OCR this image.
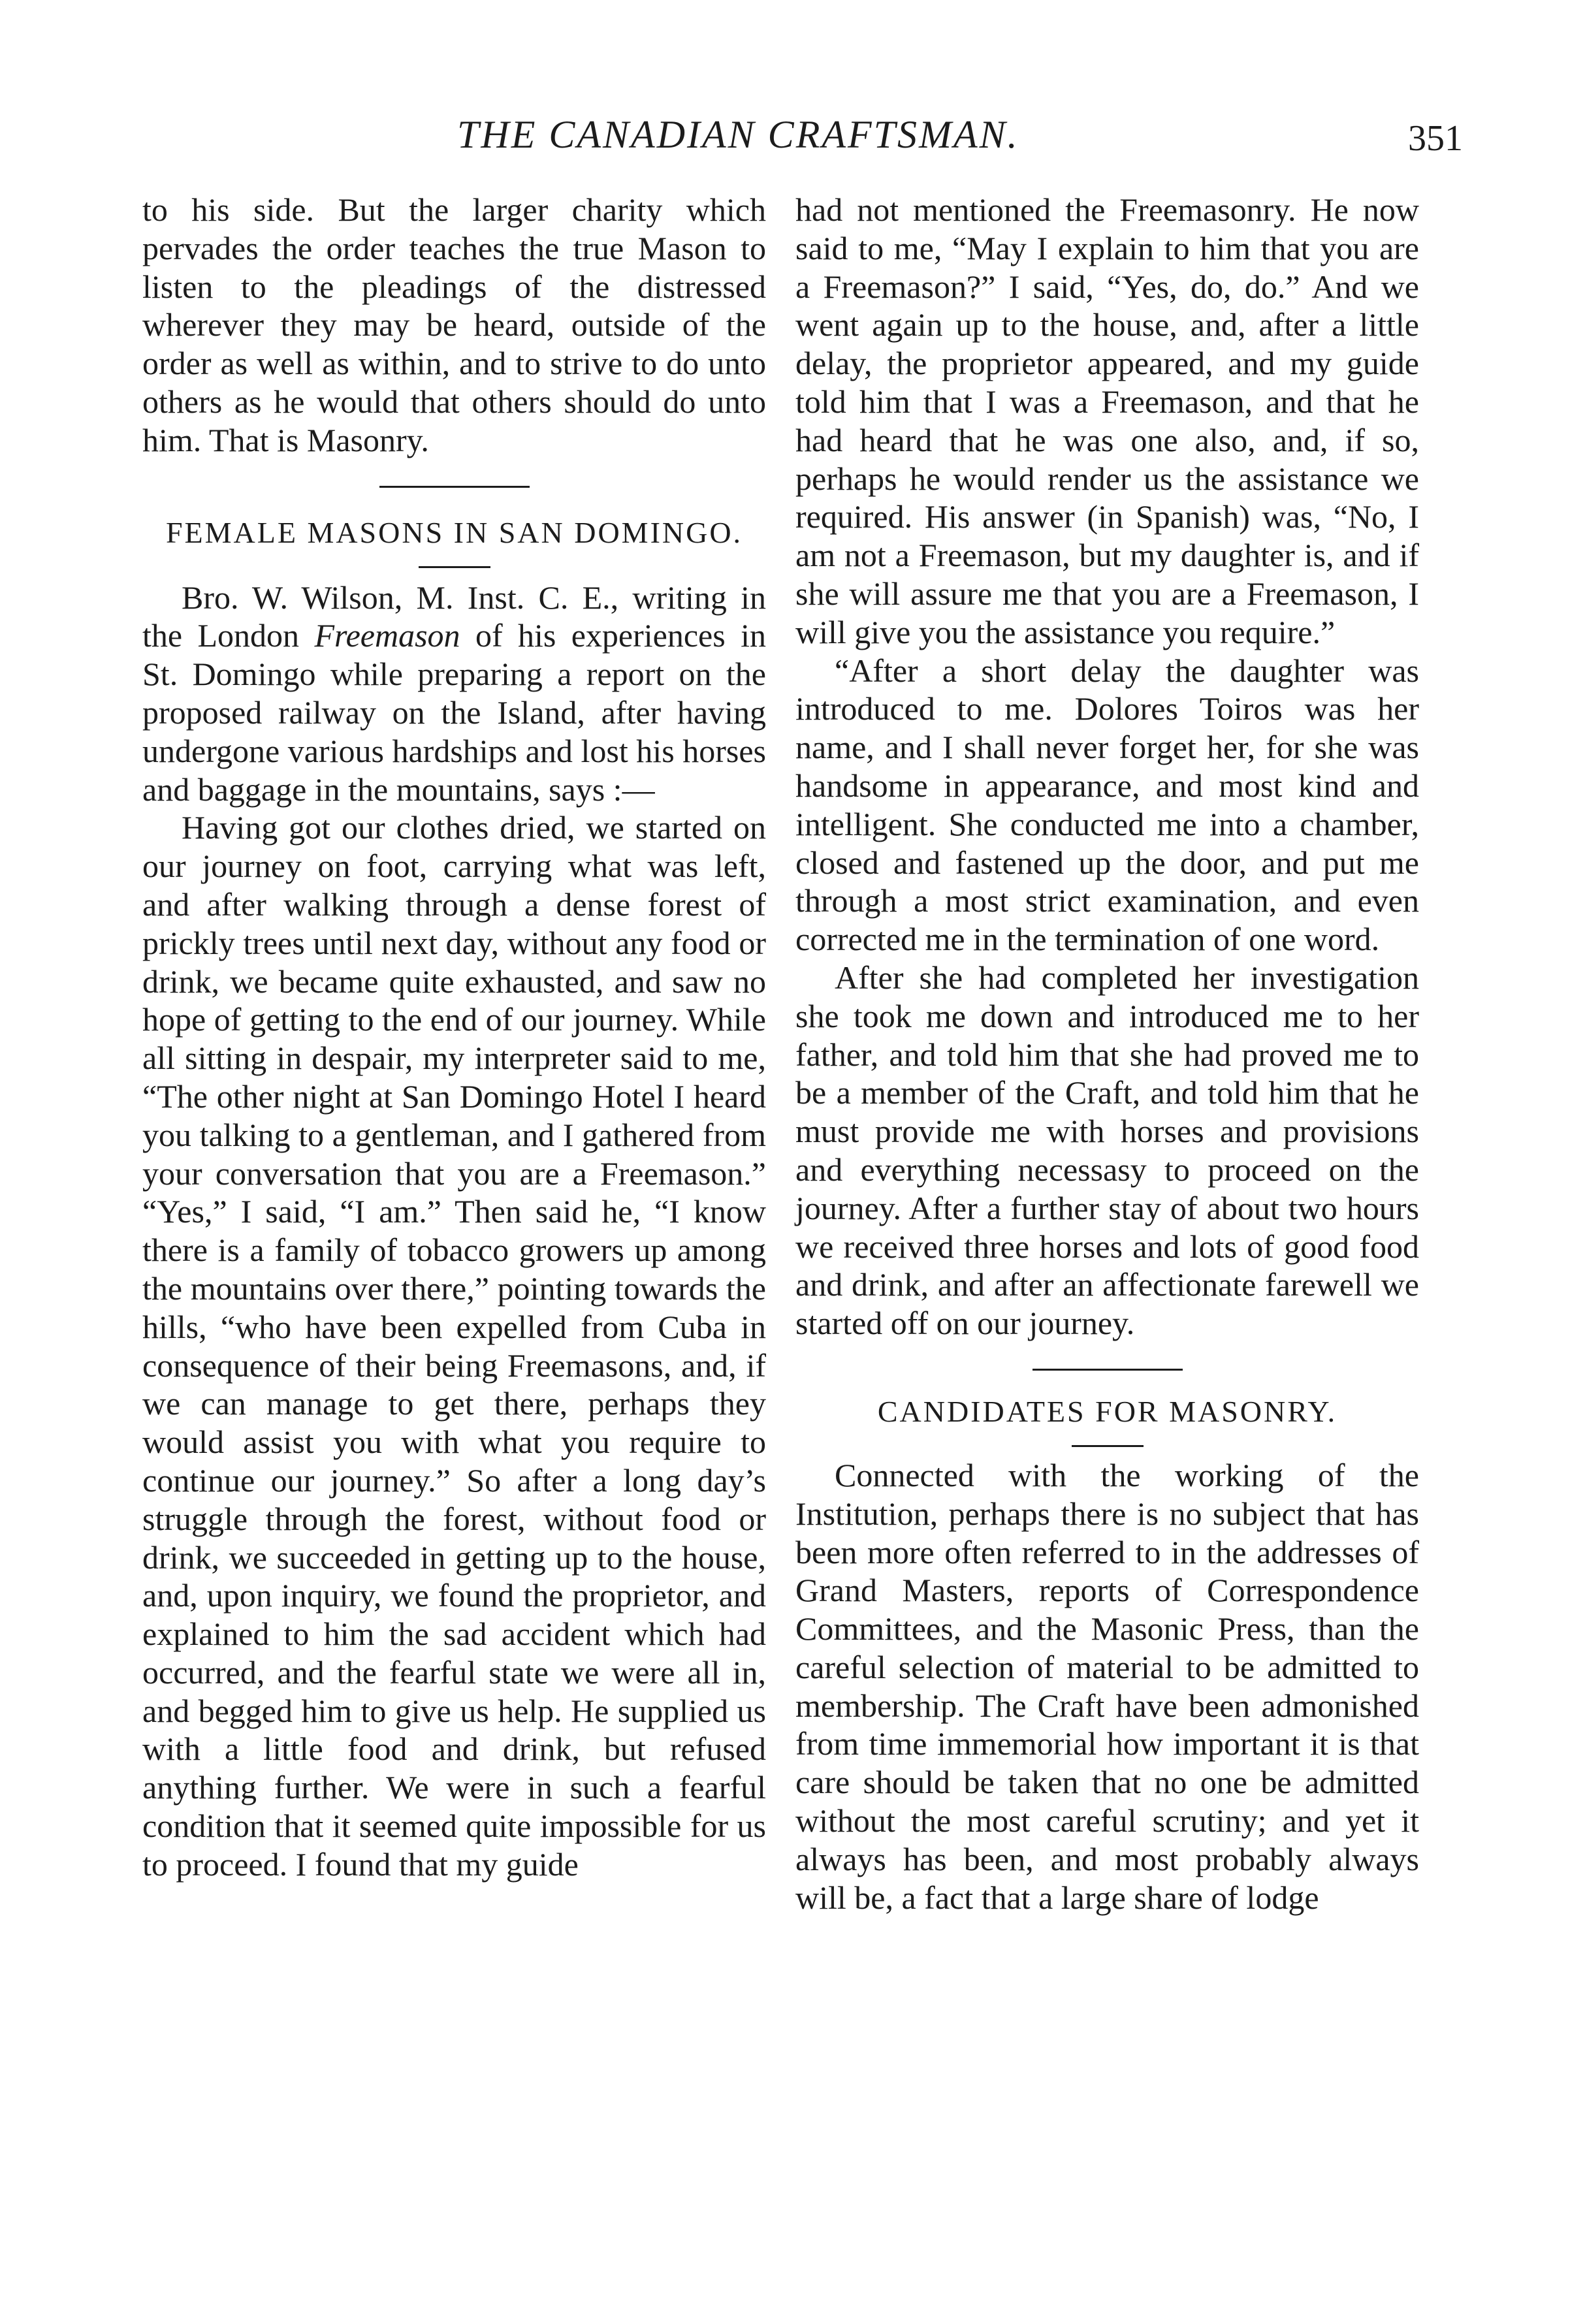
THE CANADIAN CRAFTSMAN.	351

to his side. But the larger charity which pervades the order teaches the true Mason to listen to the pleadings of the distressed wherever they may be heard, outside of the order as well as within, and to strive to do unto others as he would that others should do unto him. That is Masonry.

FEMALE MASONS IN SAN DOMINGO.

Bro. W. Wilson, M. Inst. C. E., writing in the London Freemason of his experiences in St. Domingo while preparing a report on the proposed railway on the Island, after having undergone various hardships and lost his horses and baggage in the mountains, says :—

Having got our clothes dried, we started on our journey on foot, carrying what was left, and after walking through a dense forest of prickly trees until next day, without any food or drink, we became quite exhausted, and saw no hope of getting to the end of our journey. While all sitting in despair, my interpreter said to me, “The other night at San Domingo Hotel I heard you talking to a gentleman, and I gathered from your conversation that you are a Freemason.” “Yes,” I said, “I am.” Then said he, “I know there is a family of tobacco growers up among the mountains over there,” pointing towards the hills, “who have been expelled from Cuba in consequence of their being Freemasons, and, if we can manage to get there, perhaps they would assist you with what you require to continue our journey.” So after a long day’s struggle through the forest, without food or drink, we succeeded in getting up to the house, and, upon inquiry, we found the proprietor, and explained to him the sad accident which had occurred, and the fearful state we were all in, and begged him to give us help. He supplied us with a little food and drink, but refused anything further. We were in such a fearful condition that it seemed quite impossible for us to proceed. I found that my guide

had not mentioned the Freemasonry. He now said to me, “May I explain to him that you are a Freemason?” I said, “Yes, do, do.” And we went again up to the house, and, after a little delay, the proprietor appeared, and my guide told him that I was a Freemason, and that he had heard that he was one also, and, if so, perhaps he would render us the assistance we required. His answer (in Spanish) was, “No, I am not a Freemason, but my daughter is, and if she will assure me that you are a Freemason, I will give you the assistance you require.”

“After a short delay the daughter was introduced to me. Dolores Toiros was her name, and I shall never forget her, for she was handsome in appearance, and most kind and intelligent. She conducted me into a chamber, closed and fastened up the door, and put me through a most strict examination, and even corrected me in the termination of one word.

After she had completed her investigation she took me down and introduced me to her father, and told him that she had proved me to be a member of the Craft, and told him that he must provide me with horses and provisions and everything necessasy to proceed on the journey. After a further stay of about two hours we received three horses and lots of good food and drink, and after an affectionate farewell we started off on our journey.

CANDIDATES FOR MASONRY.

Connected with the working of the Institution, perhaps there is no subject that has been more often referred to in the addresses of Grand Masters, reports of Correspondence Committees, and the Masonic Press, than the careful selection of material to be admitted to membership. The Craft have been admonished from time immemorial how important it is that care should be taken that no one be admitted without the most careful scrutiny; and yet it always has been, and most probably always will be, a fact that a large share of lodge
